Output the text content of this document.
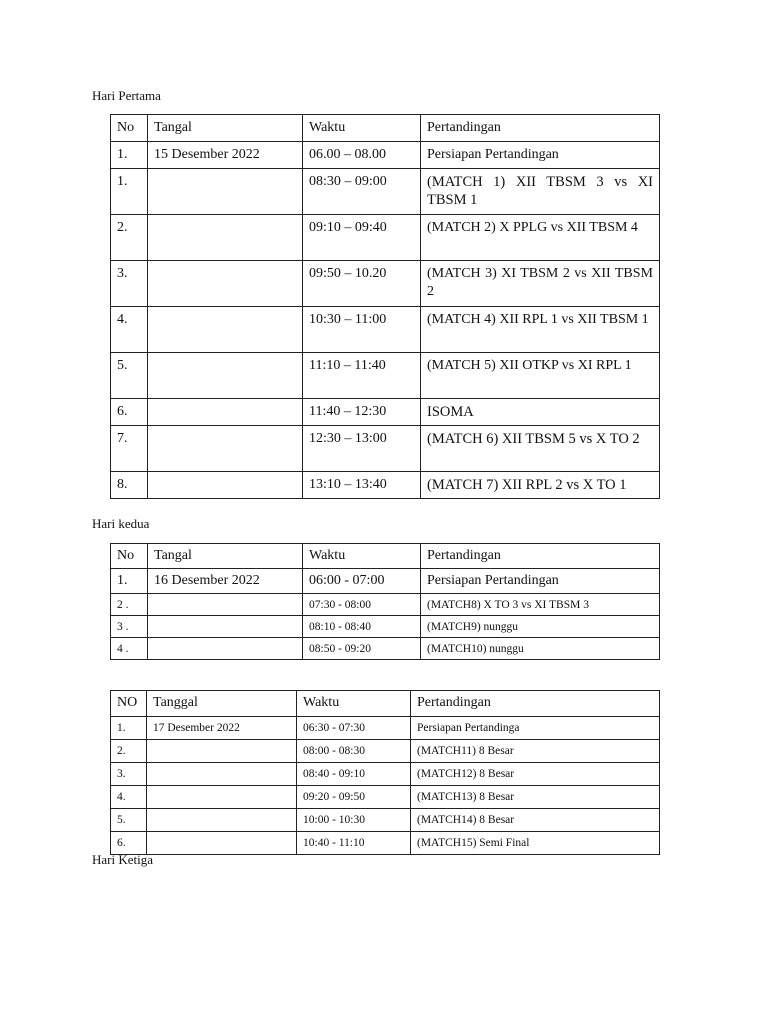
Hari Pertama
No	Tangal	Waktu	Pertandingan
1.	15 Desember 2022	06.00 – 08.00	Persiapan Pertandingan
1.		08:30 – 09:00	(MATCH 1) XII TBSM 3 vs XI TBSM 1
2.		09:10 – 09:40	(MATCH 2) X PPLG vs XII TBSM 4
3.		09:50 – 10.20	(MATCH 3) XI TBSM 2 vs XII TBSM 2
4.		10:30 – 11:00	(MATCH 4) XII RPL 1 vs XII TBSM 1
5.		11:10 – 11:40	(MATCH 5) XII OTKP vs XI RPL 1
6.		11:40 – 12:30	ISOMA
7.		12:30 – 13:00	(MATCH 6) XII TBSM 5 vs X TO 2
8.		13:10 – 13:40	(MATCH 7) XII RPL 2 vs X TO 1
Hari kedua
No	Tangal	Waktu	Pertandingan
1.	16 Desember 2022	06:00 - 07:00	Persiapan Pertandingan
2 .		07:30 - 08:00	(MATCH8) X TO 3 vs XI TBSM 3
3 .		08:10 - 08:40	(MATCH9) nunggu
4 .		08:50 - 09:20	(MATCH10) nunggu
NO	Tanggal	Waktu	Pertandingan
1.	17 Desember 2022	06:30 - 07:30	Persiapan Pertandinga
2.		08:00 - 08:30	(MATCH11) 8 Besar
3.		08:40 - 09:10	(MATCH12) 8 Besar
4.		09:20 - 09:50	(MATCH13) 8 Besar
5.		10:00 - 10:30	(MATCH14) 8 Besar
6.		10:40 - 11:10	(MATCH15) Semi Final
Hari Ketiga
